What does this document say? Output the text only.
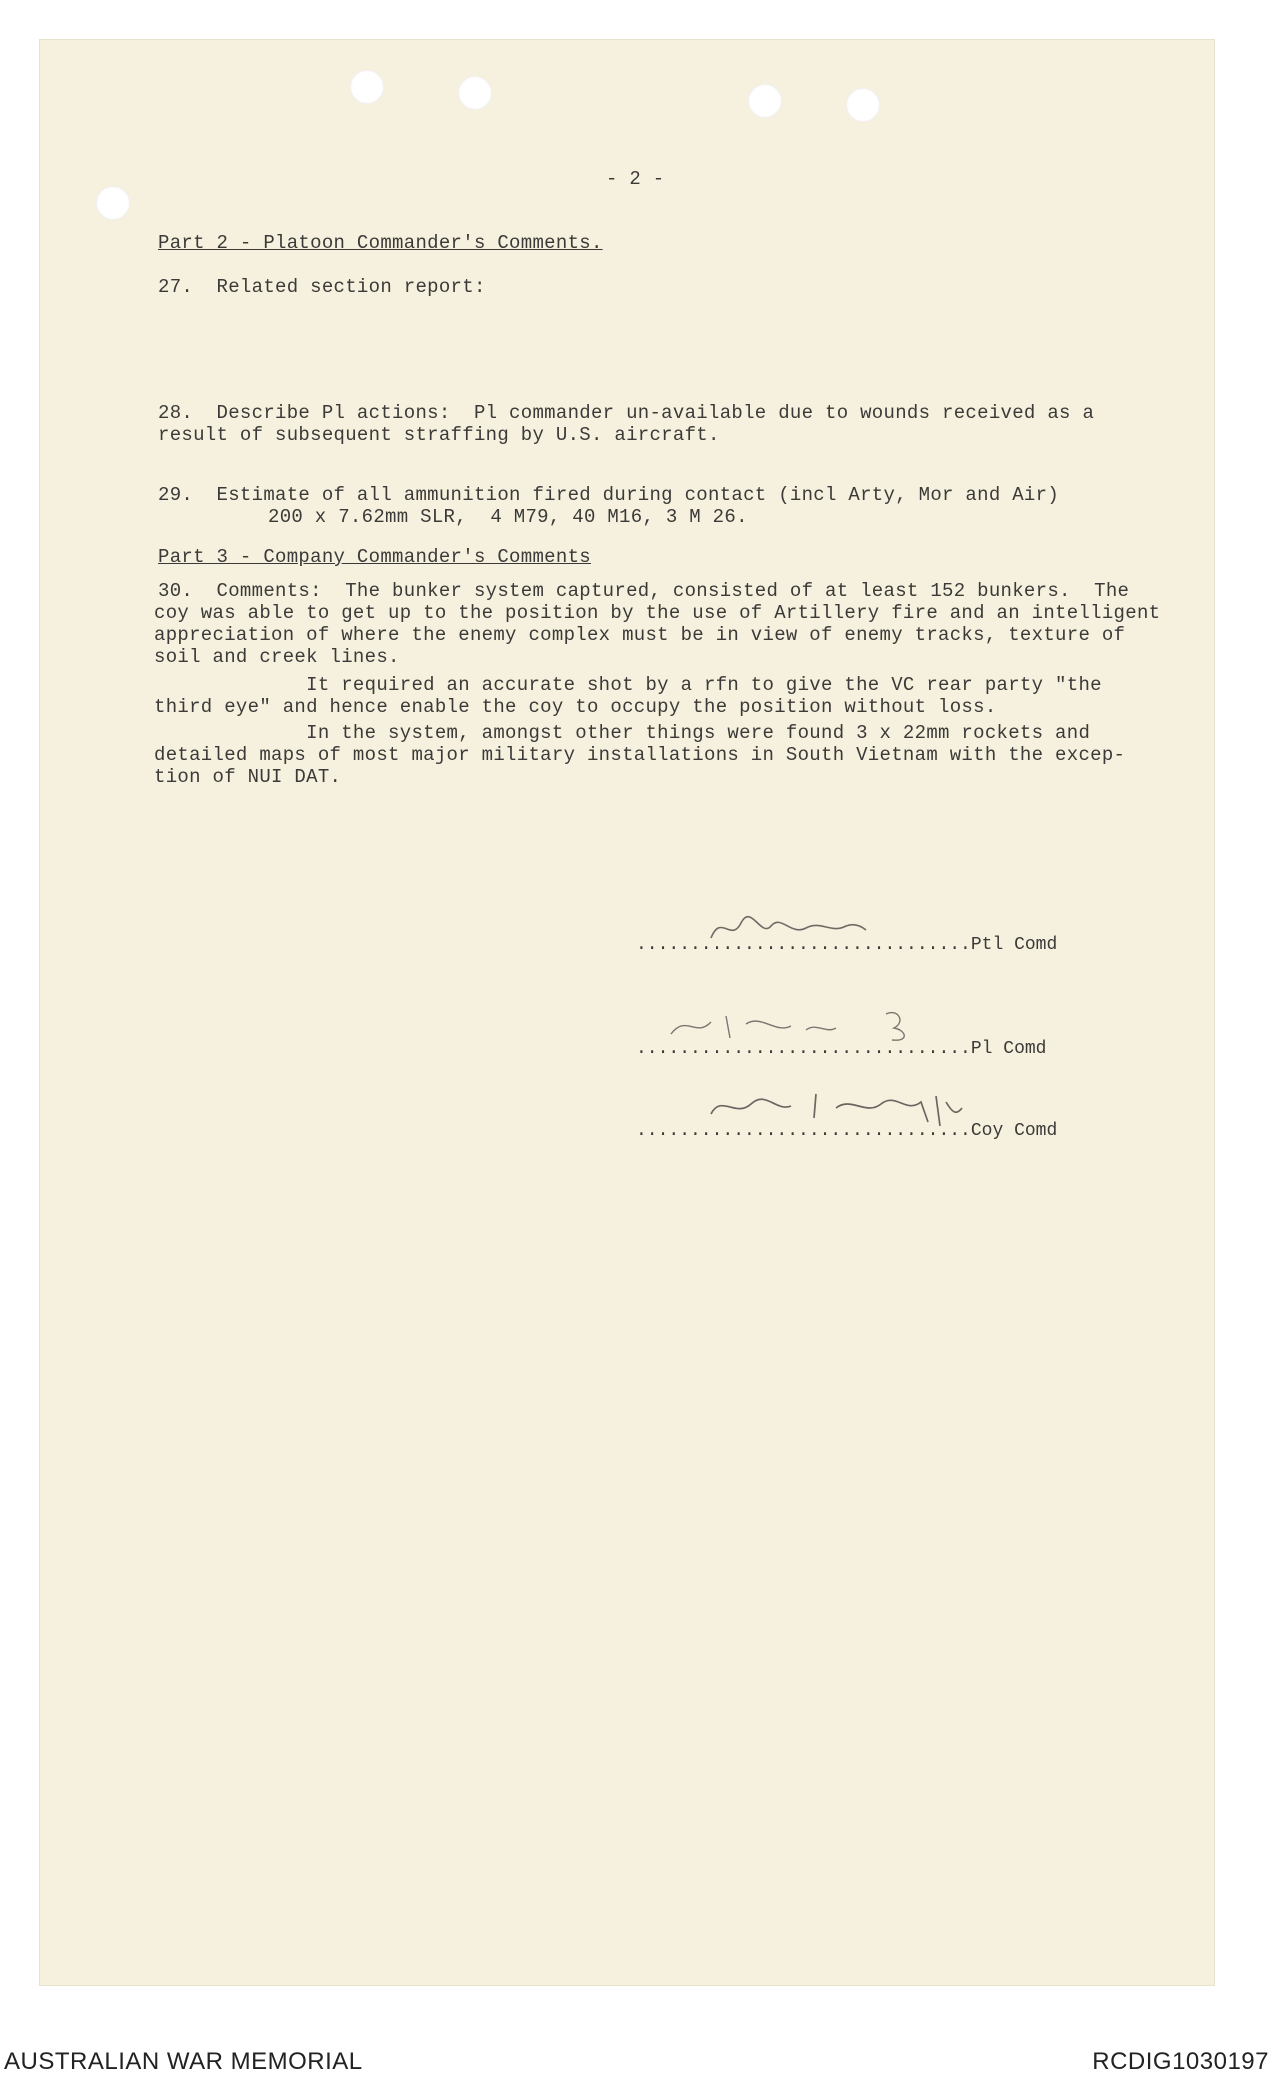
- 2 -
Part 2 - Platoon Commander's Comments.
27.  Related section report:
28.  Describe Pl actions:  Pl commander un-available due to wounds received as a
result of subsequent straffing by U.S. aircraft.
29.  Estimate of all ammunition fired during contact (incl Arty, Mor and Air)
200 x 7.62mm SLR,  4 M79, 40 M16, 3 M 26.
Part 3 - Company Commander's Comments
30.  Comments:  The bunker system captured, consisted of at least 152 bunkers.  The
coy was able to get up to the position by the use of Artillery fire and an intelligent
appreciation of where the enemy complex must be in view of enemy tracks, texture of
soil and creek lines.
It required an accurate shot by a rfn to give the VC rear party "the
third eye" and hence enable the coy to occupy the position without loss.
In the system, amongst other things were found 3 x 22mm rockets and
detailed maps of most major military installations in South Vietnam with the excep-
tion of NUI DAT.
...............................Ptl Comd
...............................Pl Comd
...............................Coy Comd
AUSTRALIAN WAR MEMORIAL	RCDIG1030197
